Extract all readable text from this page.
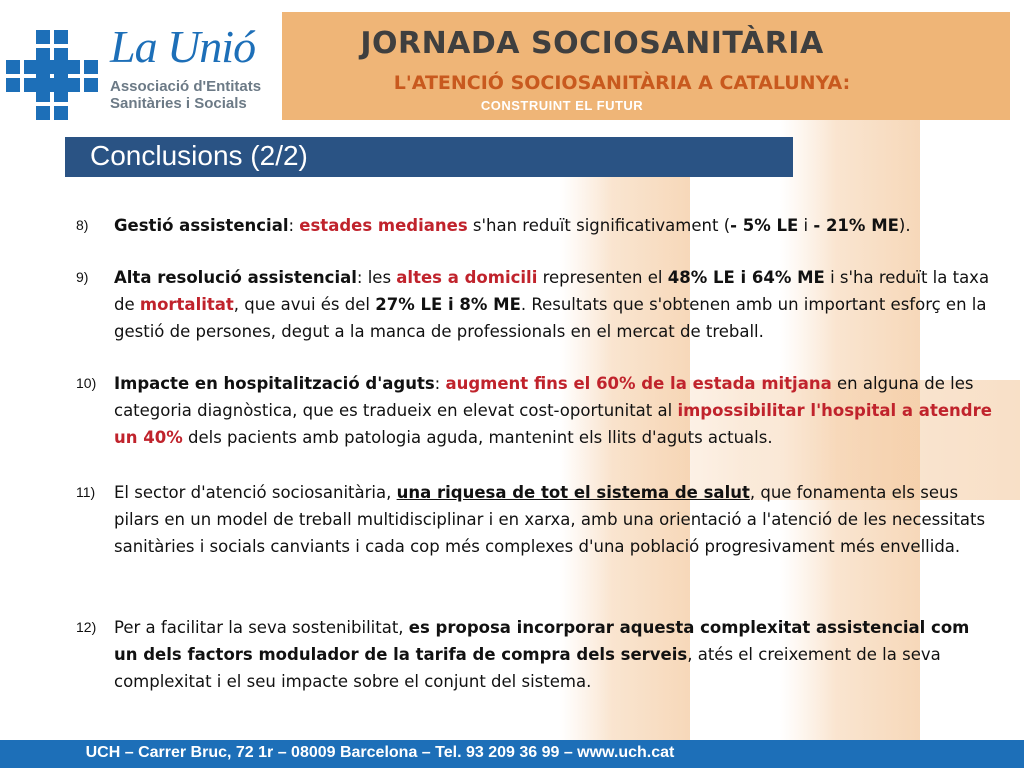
La Unió
Associació d'Entitats
Sanitàries i Socials
JORNADA SOCIOSANITÀRIA
L'ATENCIÓ SOCIOSANITÀRIA A CATALUNYA:
CONSTRUINT EL FUTUR
Conclusions (2/2)
8) Gestió assistencial: estades medianes s'han reduït significativament (- 5% LE i - 21% ME).
9) Alta resolució assistencial: les altes a domicili representen el 48% LE i 64% ME i s'ha reduït la taxa de mortalitat, que avui és del 27% LE i 8% ME. Resultats que s'obtenen amb un important esforç en la gestió de persones, degut a la manca de professionals en el mercat de treball.
10) Impacte en hospitalització d'aguts: augment fins el 60% de la estada mitjana en alguna de les categoria diagnòstica, que es tradueix en elevat cost-oportunitat al impossibilitar l'hospital a atendre un 40% dels pacients amb patologia aguda, mantenint els llits d'aguts actuals.
11) El sector d'atenció sociosanitària, una riquesa de tot el sistema de salut, que fonamenta els seus pilars en un model de treball multidisciplinar i en xarxa, amb una orientació a l'atenció de les necessitats sanitàries i socials canviants i cada cop més complexes d'una població progresivament més envellida.
12) Per a facilitar la seva sostenibilitat, es proposa incorporar aquesta complexitat assistencial com un dels factors modulador de la tarifa de compra dels serveis, atés el creixement de la seva complexitat i el seu impacte sobre el conjunt del sistema.
UCH – Carrer Bruc, 72 1r – 08009 Barcelona – Tel. 93 209 36 99 – www.uch.cat
